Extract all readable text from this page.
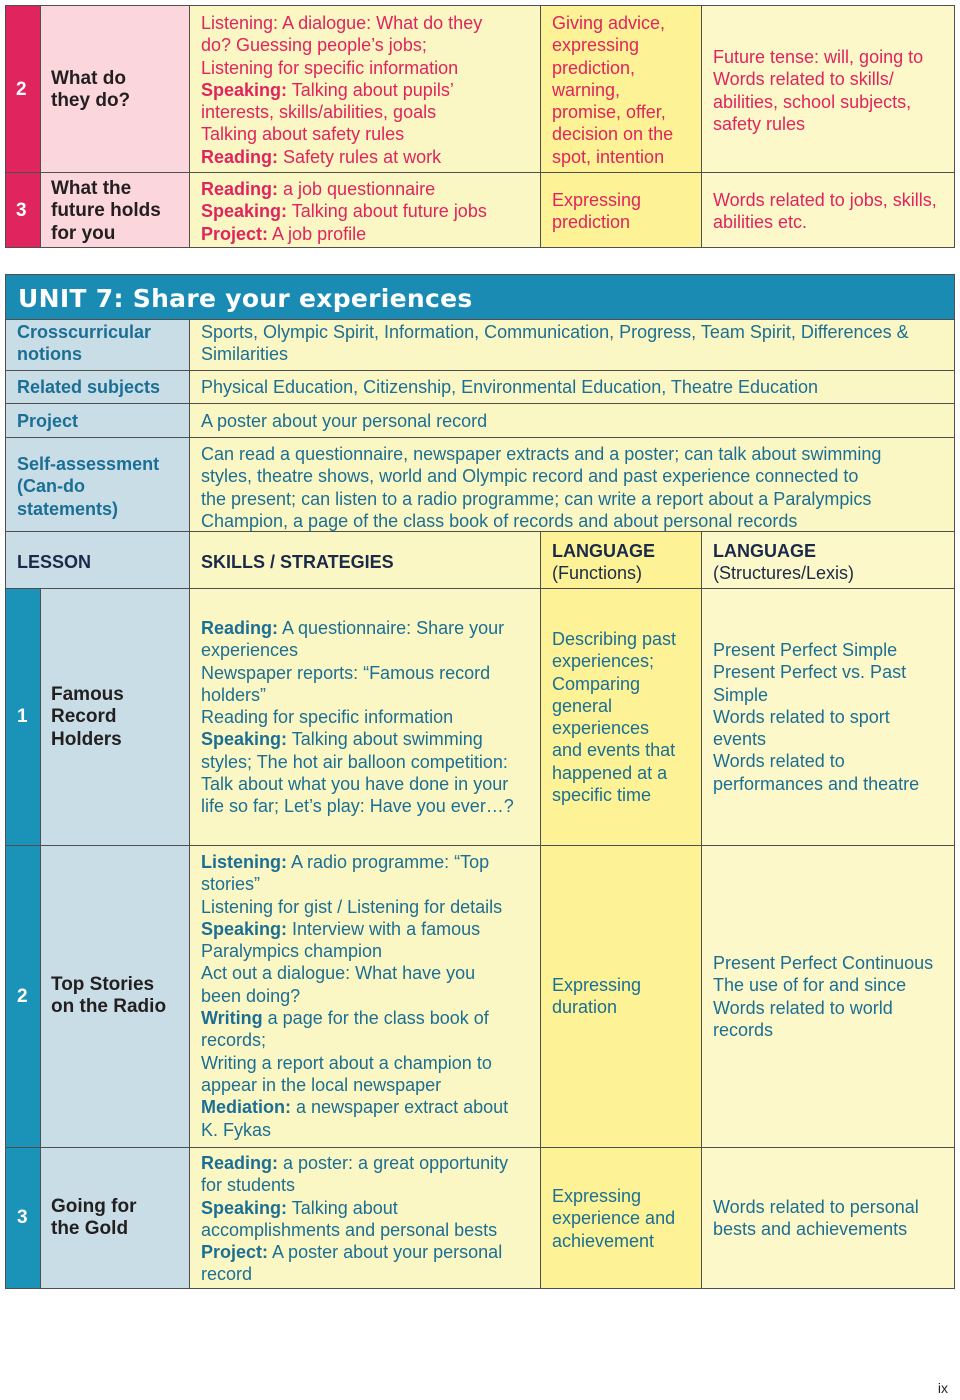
2
What do
they do?
Listening: A dialogue: What do they
do? Guessing people’s jobs;
Listening for specific information
Speaking: Talking about pupils’
interests, skills/abilities, goals
Talking about safety rules
Reading: Safety rules at work
Giving advice,
expressing
prediction,
warning,
promise, offer,
decision on the
spot, intention
Future tense: will, going to
Words related to skills/
abilities, school subjects,
safety rules
3
What the
future holds
for you
Reading: a job questionnaire
Speaking: Talking about future jobs
Project: A job profile
Expressing
prediction
Words related to jobs, skills,
abilities etc.
UNIT 7: Share your experiences
Crosscurricular
notions
Sports, Olympic Spirit, Information, Communication, Progress, Team Spirit, Differences &
Similarities
Related subjects Physical Education, Citizenship, Environmental Education, Theatre Education
Project	A poster about your personal record
Self-assessment
(Can-do
statements)
Can read a questionnaire, newspaper extracts and a poster; can talk about swimming
styles, theatre shows, world and Olympic record and past experience connected to
the present; can listen to a radio programme; can write a report about a Paralympics
Champion, a page of the class book of records and about personal records
LESSON	SKILLS / STRATEGIES
LANGUAGE
(Functions)
LANGUAGE
(Structures/Lexis)
1
Famous
Record
Holders
Reading: A questionnaire: Share your
experiences
Newspaper reports: “Famous record
holders”
Reading for specific information
Speaking: Talking about swimming
styles; The hot air balloon competition:
Talk about what you have done in your
life so far; Let’s play: Have you ever…?
Describing past
experiences;
Comparing
general
experiences
and events that
happened at a
specific time
Present Perfect Simple
Present Perfect vs. Past
Simple
Words related to sport
events
Words related to
performances and theatre
2
Top Stories
on the Radio
Listening: A radio programme: “Top
stories”
Listening for gist / Listening for details
Speaking: Interview with a famous
Paralympics champion
Act out a dialogue: What have you
been doing?
Writing a page for the class book of
records;
Writing a report about a champion to
appear in the local newspaper
Mediation: a newspaper extract about
K. Fykas
Expressing
duration
Present Perfect Continuous
The use of for and since
Words related to world
records
3
Going for
the Gold
Reading: a poster: a great opportunity
for students
Speaking: Talking about
accomplishments and personal bests
Project: A poster about your personal
record
Expressing
experience and
achievement
Words related to personal
bests and achievements
ix
